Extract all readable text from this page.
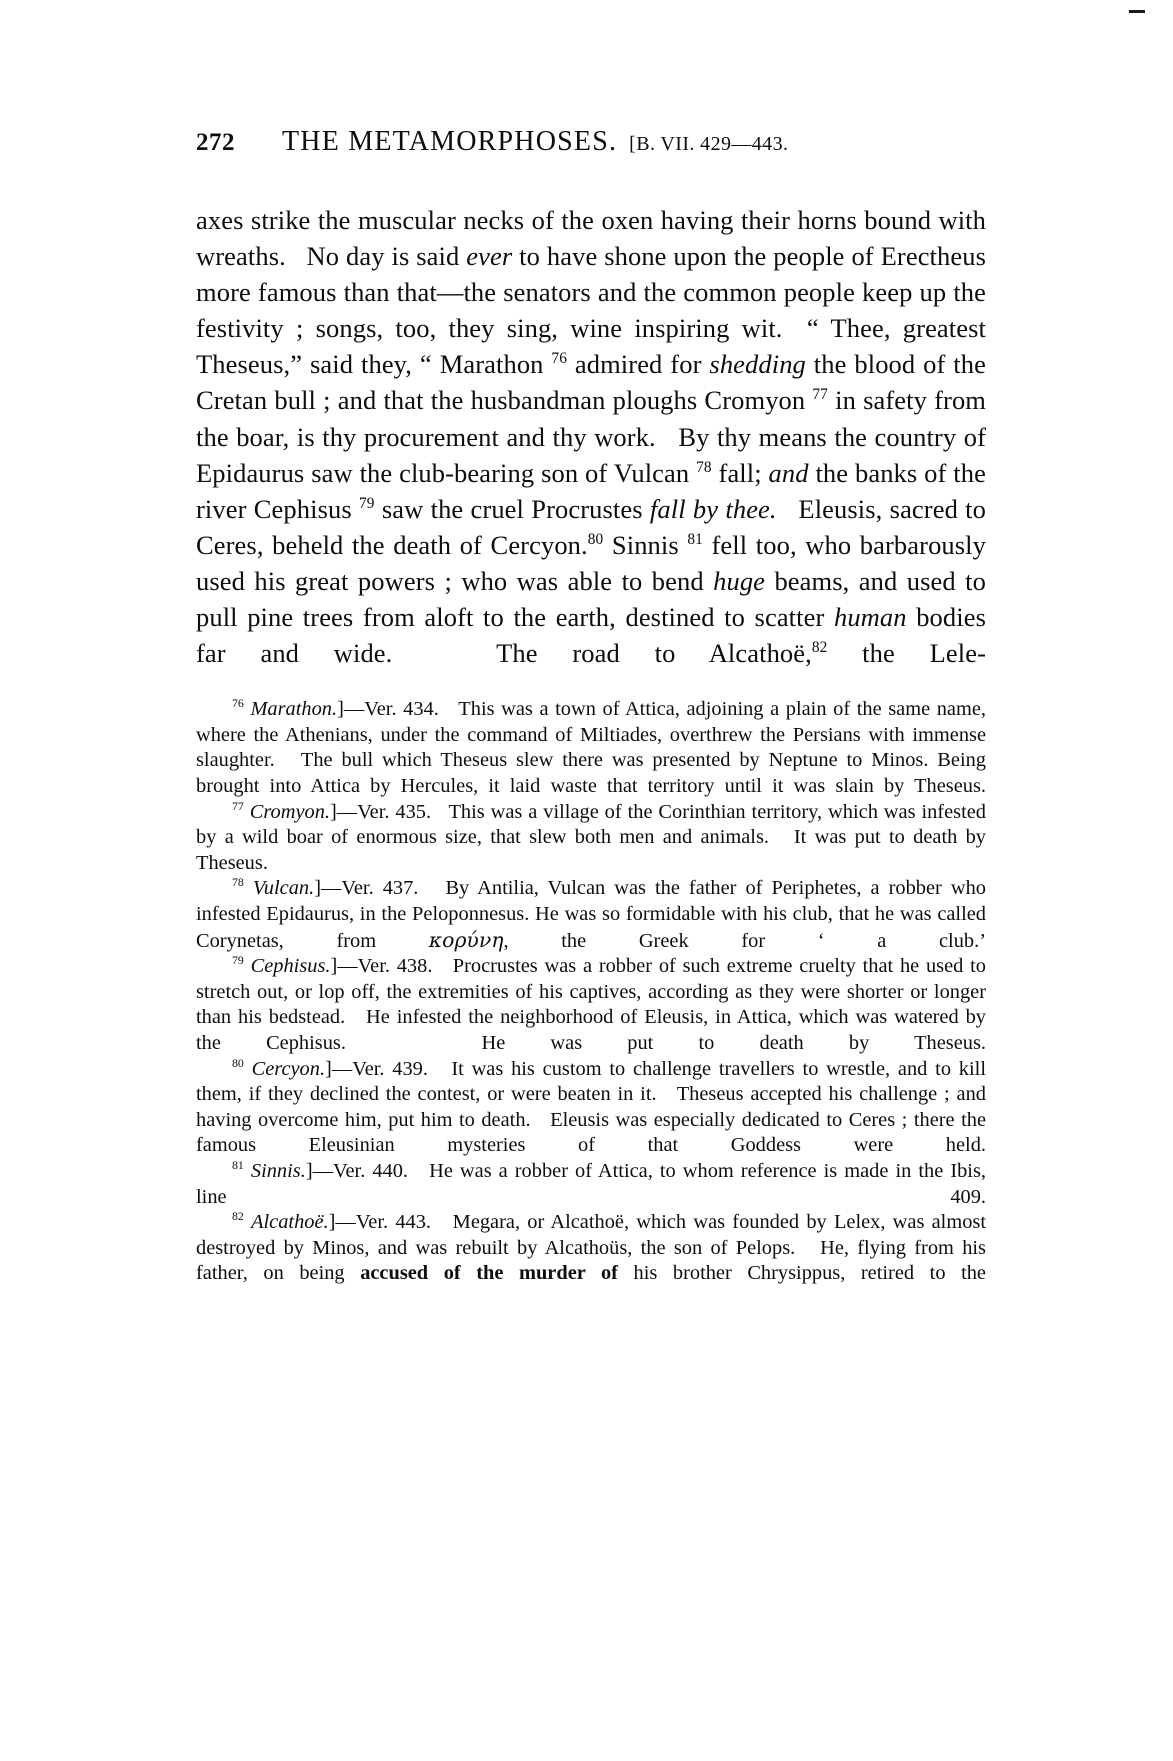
272	THE METAMORPHOSES. [B. VII. 429—443.
axes strike the muscular necks of the oxen having their horns bound with wreaths.   No day is said ever to have shone upon the people of Erectheus more famous than that—the senators and the common people keep up the festivity ; songs, too, they sing, wine inspiring wit.  “ Thee, greatest Theseus,” said they, “ Marathon $^{76}$ admired for shedding the blood of the Cretan bull ; and that the husbandman ploughs Cromyon $^{77}$ in safety from the boar, is thy procurement and thy work.   By thy means the country of Epidaurus saw the club-bearing son of Vulcan $^{78}$ fall; and the banks of the river Cephisus $^{79}$ saw the cruel Procrustes fall by thee.   Eleusis, sacred to Ceres, beheld the death of Cercyon.$^{80}$ Sinnis $^{81}$ fell too, who barbarously used his great powers ; who was able to bend huge beams, and used to pull pine trees from aloft to the earth, destined to scatter human bodies far and wide.   The road to Alcathoë,$^{82}$ the Lele-

$^{76}$ Marathon.]—Ver. 434.   This was a town of Attica, adjoining a plain of the same name, where the Athenians, under the command of Miltiades, overthrew the Persians with immense slaughter.   The bull which Theseus slew there was presented by Neptune to Minos. Being brought into Attica by Hercules, it laid waste that territory until it was slain by Theseus.

$^{77}$ Cromyon.]—Ver. 435.   This was a village of the Corinthian territory, which was infested by a wild boar of enormous size, that slew both men and animals.   It was put to death by Theseus.

$^{78}$ Vulcan.]—Ver. 437.   By Antilia, Vulcan was the father of Periphetes, a robber who infested Epidaurus, in the Peloponnesus. He was so formidable with his club, that he was called Corynetas, from κορύνη, the Greek for ‘ a club.’

$^{79}$ Cephisus.]—Ver. 438.   Procrustes was a robber of such extreme cruelty that he used to stretch out, or lop off, the extremities of his captives, according as they were shorter or longer than his bedstead.   He infested the neighborhood of Eleusis, in Attica, which was watered by the Cephisus.   He was put to death by Theseus.

$^{80}$ Cercyon.]—Ver. 439.   It was his custom to challenge travellers to wrestle, and to kill them, if they declined the contest, or were beaten in it.   Theseus accepted his challenge ; and having overcome him, put him to death.   Eleusis was especially dedicated to Ceres ; there the famous Eleusinian mysteries of that Goddess were held.

$^{81}$ Sinnis.]—Ver. 440.   He was a robber of Attica, to whom reference is made in the Ibis, line 409.

$^{82}$ Alcathoë.]—Ver. 443.   Megara, or Alcathoë, which was founded by Lelex, was almost destroyed by Minos, and was rebuilt by Alcathoüs, the son of Pelops.   He, flying from his father, on being accused of the murder of his brother Chrysippus, retired to the
